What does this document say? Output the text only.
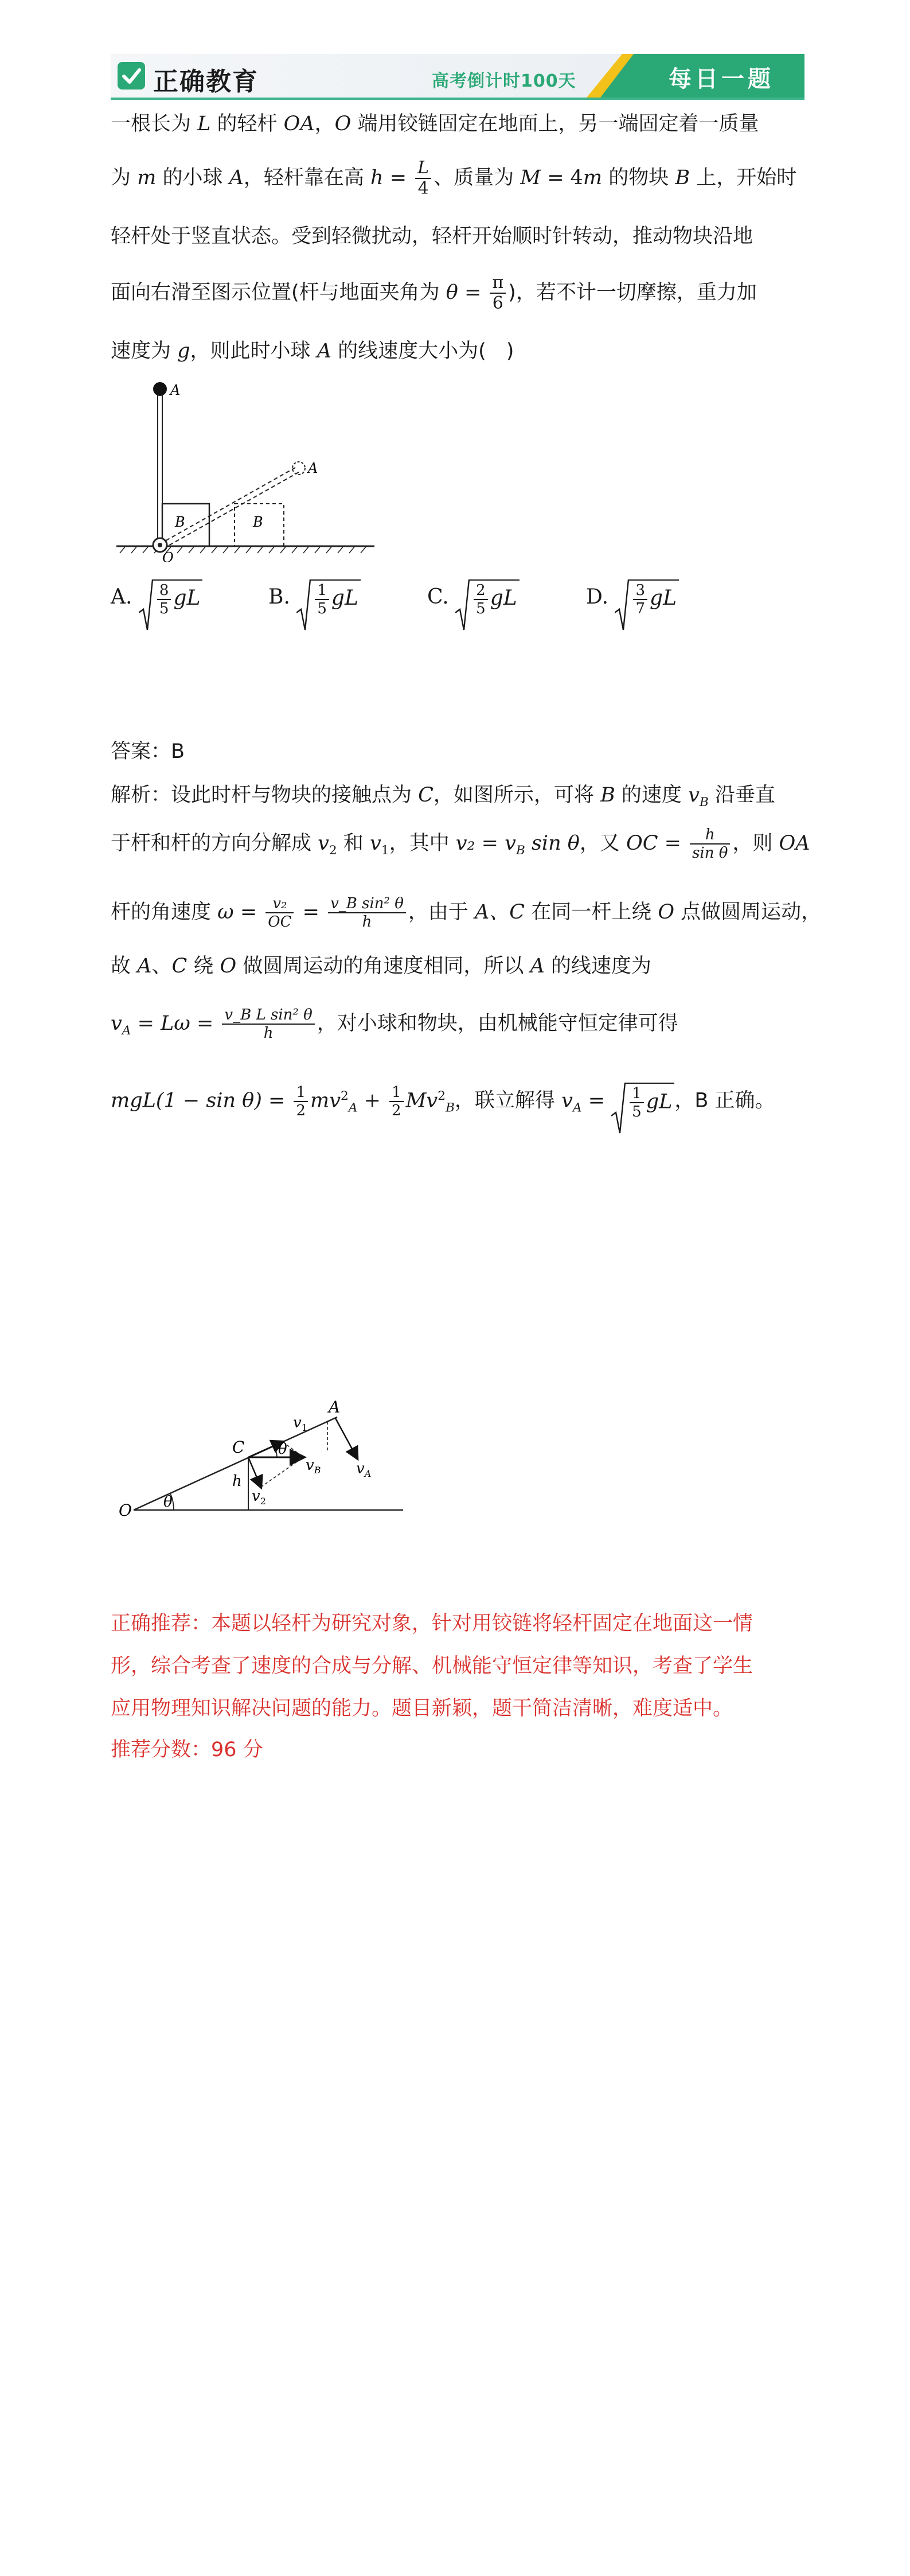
正确教育	高考倒计时100天	每日一题
一根长为 L 的轻杆 OA，O 端用铰链固定在地面上，另一端固定着一质量
为 m 的小球 A，轻杆靠在高 $h = \frac{L}{4}$ 、质量为 M = 4m 的物块 B 上，开始时
轻杆处于竖直状态。受到轻微扰动，轻杆开始顺时针转动，推动物块沿地
面向右滑至图示位置(杆与地面夹角为 $\theta = \frac{\pi}{6}$ )，若不计一切摩擦，重力加
速度为 g，则此时小球 A 的线速度大小为(　)
A
A
B	B
O
A. $\frac{8}{5}$ gL	B. $\frac{1}{5}$ gL	C. $\frac{2}{5}$ gL	D. $\frac{3}{7}$ gL
答案：B
解析：设此时杆与物块的接触点为 C，如图所示，可将 B 的速度 $v_B$ 沿垂直
于杆和杆的方向分解成 $v_2$ 和 $v_1$，其中 $v_2 = v_B$ sin θ，又 OC = $\frac{h}{\text{sin θ}}$ ，则 OA
杆的角速度 $\omega = \frac{\text{v₂}}{OC} = \frac{\text{v\_B sin² θ}}{h}$ ，由于 A、C 在同一杆上绕 O 点做圆周运动，
故 A、C 绕 O 做圆周运动的角速度相同，所以 A 的线速度为
$v_A = L\omega = \frac{\text{v\_B L sin² θ}}{h}$ ，对小球和物块，由机械能守恒定律可得
$mgL(1 - \sin \theta) = \frac{1}{2} mv^2_A + \frac{1}{2} Mv^2_B$，联立解得 $v_A = \frac{1}{5}$ gL ，B 正确。
O θ
C θ
h
$v_1$
A
$v_B$ $v_A$
$v_2$
正确推荐：本题以轻杆为研究对象，针对用铰链将轻杆固定在地面这一情
形，综合考查了速度的合成与分解、机械能守恒定律等知识，考查了学生
应用物理知识解决问题的能力。题目新颖，题干简洁清晰，难度适中。
推荐分数：96 分
